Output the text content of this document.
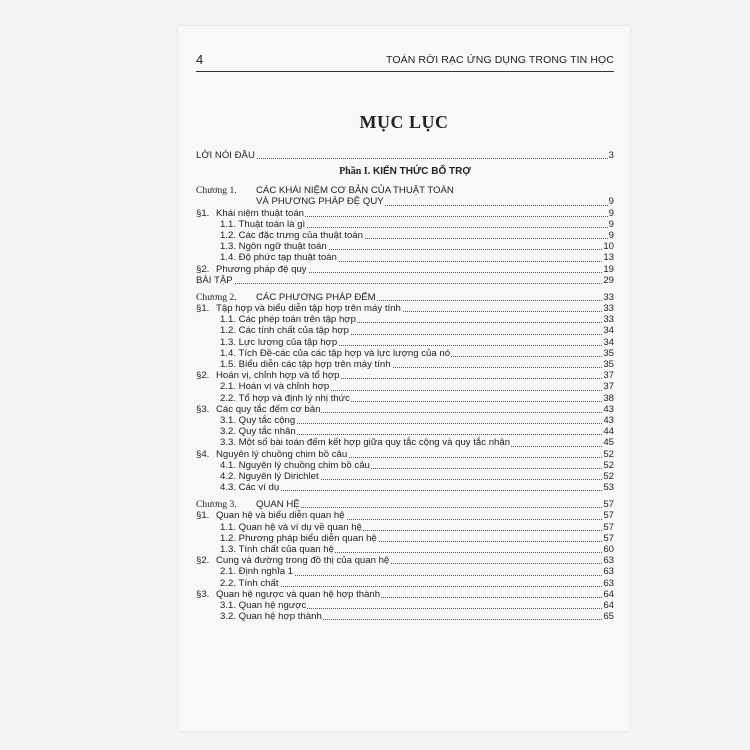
4	TOÁN RỜI RẠC ỨNG DỤNG TRONG TIN HỌC
MỤC LỤC
LỜI NÓI ĐẦU	3
Phần I. KIẾN THỨC BỔ TRỢ
Chương 1. CÁC KHÁI NIỆM CƠ BẢN CỦA THUẬT TOÁN
VÀ PHƯƠNG PHÁP ĐỆ QUY	9
§1. Khái niệm thuật toán	9
1.1. Thuật toán là gì	9
1.2. Các đặc trưng của thuật toán	9
1.3. Ngôn ngữ thuật toán	10
1.4. Độ phức tạp thuật toán	13
§2. Phương pháp đệ quy	19
BÀI TẬP	29
Chương 2. CÁC PHƯƠNG PHÁP ĐẾM	33
§1. Tập hợp và biểu diễn tập hợp trên máy tính	33
1.1. Các phép toán trên tập hợp	33
1.2. Các tính chất của tập hợp	34
1.3. Lực lượng của tập hợp	34
1.4. Tích Đề-các của các tập hợp và lực lượng của nó	35
1.5. Biểu diễn các tập hợp trên máy tính	35
§2. Hoán vị, chỉnh hợp và tổ hợp	37
2.1. Hoán vị và chỉnh hợp	37
2.2. Tổ hợp và định lý nhị thức	38
§3. Các quy tắc đếm cơ bản	43
3.1. Quy tắc cộng	43
3.2. Quy tắc nhân	44
3.3. Một số bài toán đếm kết hợp giữa quy tắc cộng và quy tắc nhân	45
§4. Nguyên lý chuồng chim bồ câu	52
4.1. Nguyên lý chuồng chim bồ câu	52
4.2. Nguyên lý Dirichlet	52
4.3. Các ví dụ	53
Chương 3. QUAN HỆ	57
§1. Quan hệ và biểu diễn quan hệ	57
1.1. Quan hệ và ví dụ về quan hệ	57
1.2. Phương pháp biểu diễn quan hệ	57
1.3. Tính chất của quan hệ	60
§2. Cung và đường trong đồ thị của quan hệ	63
2.1. Định nghĩa 1	63
2.2. Tính chất	63
§3. Quan hệ ngược và quan hệ hợp thành	64
3.1. Quan hệ ngược	64
3.2. Quan hệ hợp thành	65
